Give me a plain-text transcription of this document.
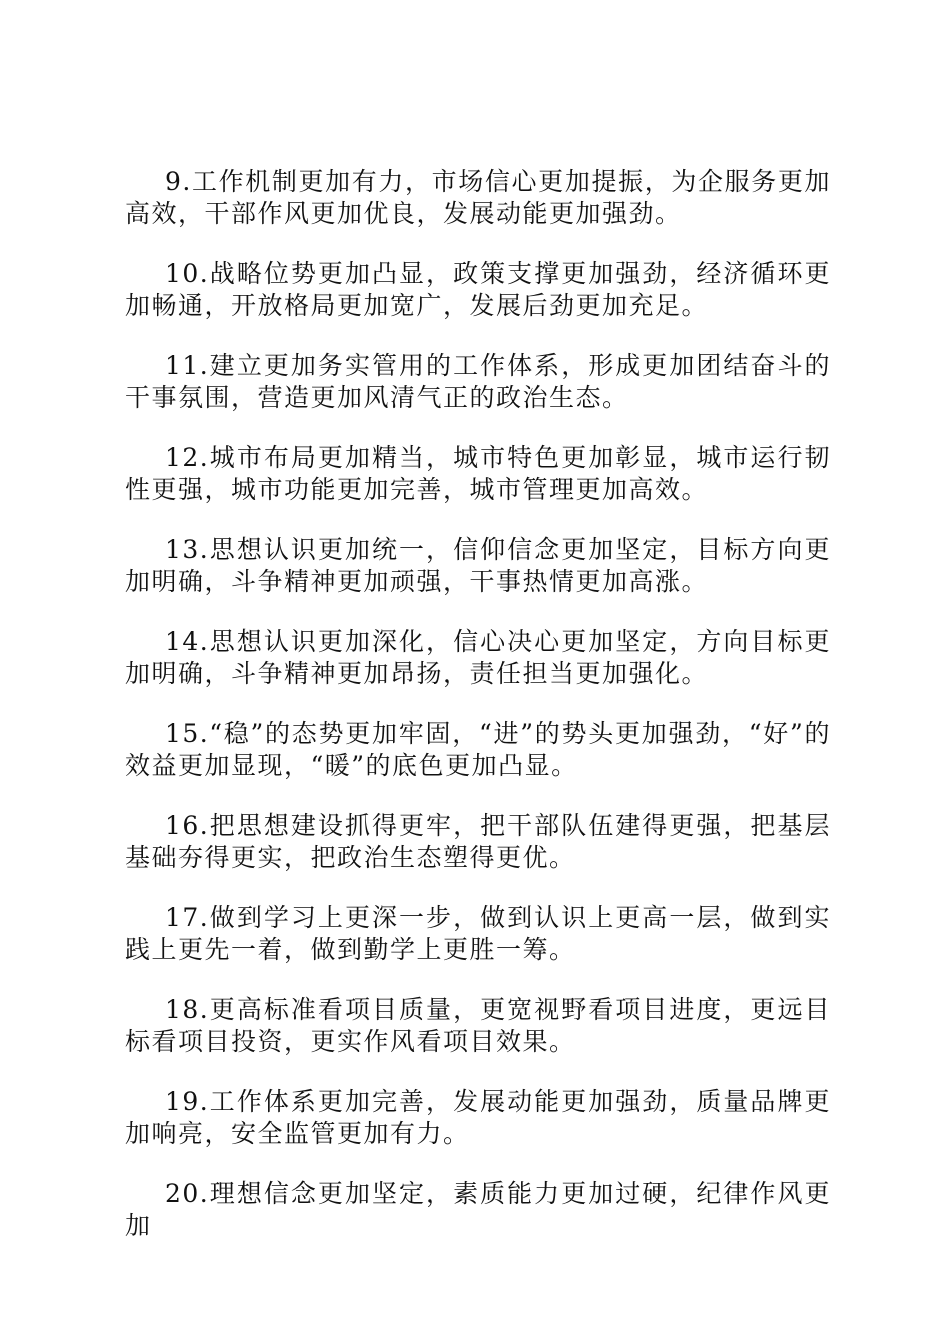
9.工作机制更加有力，市场信心更加提振，为企服务更加高效，干部作风更加优良，发展动能更加强劲。

10.战略位势更加凸显，政策支撑更加强劲，经济循环更加畅通，开放格局更加宽广，发展后劲更加充足。

11.建立更加务实管用的工作体系，形成更加团结奋斗的干事氛围，营造更加风清气正的政治生态。

12.城市布局更加精当，城市特色更加彰显，城市运行韧性更强，城市功能更加完善，城市管理更加高效。

13.思想认识更加统一，信仰信念更加坚定，目标方向更加明确，斗争精神更加顽强，干事热情更加高涨。

14.思想认识更加深化，信心决心更加坚定，方向目标更加明确，斗争精神更加昂扬，责任担当更加强化。

15.“稳”的态势更加牢固，“进”的势头更加强劲，“好”的效益更加显现，“暖”的底色更加凸显。

16.把思想建设抓得更牢，把干部队伍建得更强，把基层基础夯得更实，把政治生态塑得更优。

17.做到学习上更深一步，做到认识上更高一层，做到实践上更先一着，做到勤学上更胜一筹。

18.更高标准看项目质量，更宽视野看项目进度，更远目标看项目投资，更实作风看项目效果。

19.工作体系更加完善，发展动能更加强劲，质量品牌更加响亮，安全监管更加有力。

20.理想信念更加坚定，素质能力更加过硬，纪律作风更加
